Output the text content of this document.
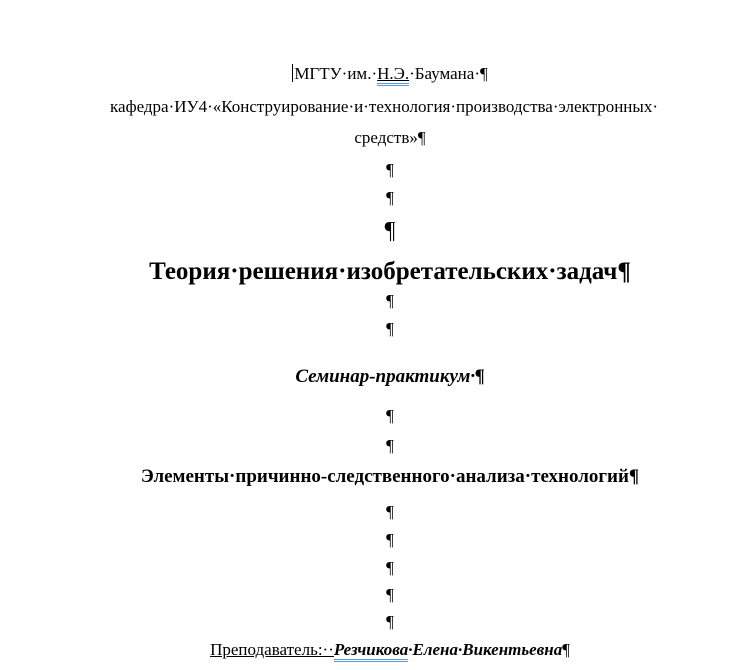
МГТУ·им.·Н.Э.·Баумана·¶
кафедра·ИУ4·«Конструирование·и·технология·производства·электронных·
средств»¶
¶
¶
¶
Теория·решения·изобретательских·задач¶
¶
¶
Семинар-практикум·¶
¶
¶
Элементы·причинно-следственного·анализа·технологий¶
¶
¶
¶
¶
¶
Преподаватель:··Резчикова·Елена·Викентьевна¶
